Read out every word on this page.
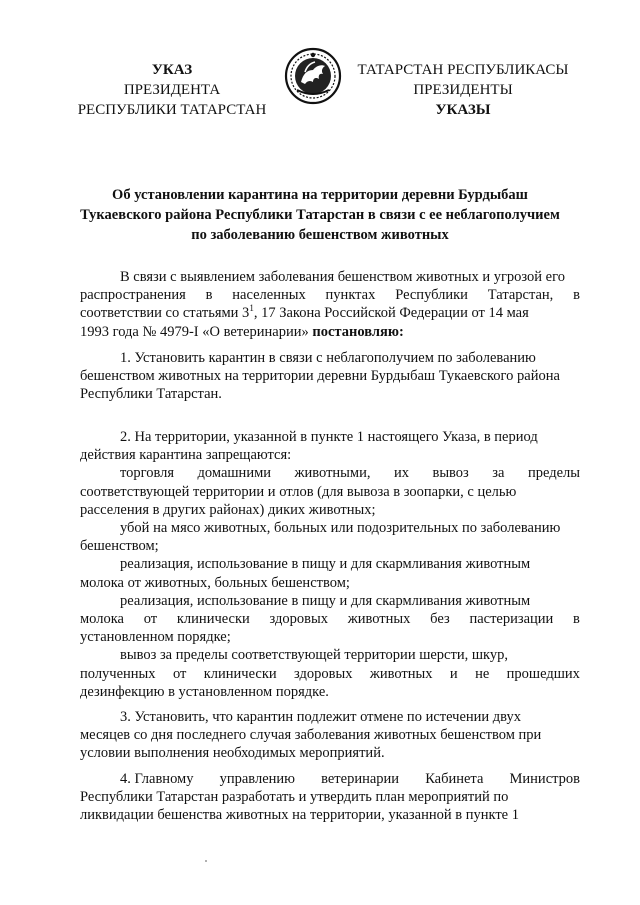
УКАЗ
ПРЕЗИДЕНТА
РЕСПУБЛИКИ ТАТАРСТАН
ТАТАРСТАН РЕСПУБЛИКАСЫ
ПРЕЗИДЕНТЫ
УКАЗЫ
Об установлении карантина на территории деревни Бурдыбаш
Тукаевского района Республики Татарстан в связи с ее неблагополучием
по заболеванию бешенством животных
В связи с выявлением заболевания бешенством животных и угрозой его
распространения в населенных пунктах Республики Татарстан, в
соответствии со статьями $3^1$, 17 Закона Российской Федерации от 14 мая
1993 года № 4979-I «О ветеринарии» постановляю:
1. Установить карантин в связи с неблагополучием по заболеванию
бешенством животных на территории деревни Бурдыбаш Тукаевского района
Республики Татарстан.
2. На территории, указанной в пункте 1 настоящего Указа, в период
действия карантина запрещаются:
торговля домашними животными, их вывоз за пределы
соответствующей территории и отлов (для вывоза в зоопарки, с целью
расселения в других районах) диких животных;
убой на мясо животных, больных или подозрительных по заболеванию
бешенством;
реализация, использование в пищу и для скармливания животным
молока от животных, больных бешенством;
реализация, использование в пищу и для скармливания животным
молока от клинически здоровых животных без пастеризации в
установленном порядке;
вывоз за пределы соответствующей территории шерсти, шкур,
полученных от клинически здоровых животных и не прошедших
дезинфекцию в установленном порядке.
3. Установить, что карантин подлежит отмене по истечении двух
месяцев со дня последнего случая заболевания животных бешенством при
условии выполнения необходимых мероприятий.
4. Главному управлению ветеринарии Кабинета Министров
Республики Татарстан разработать и утвердить план мероприятий по
ликвидации бешенства животных на территории, указанной в пункте 1
